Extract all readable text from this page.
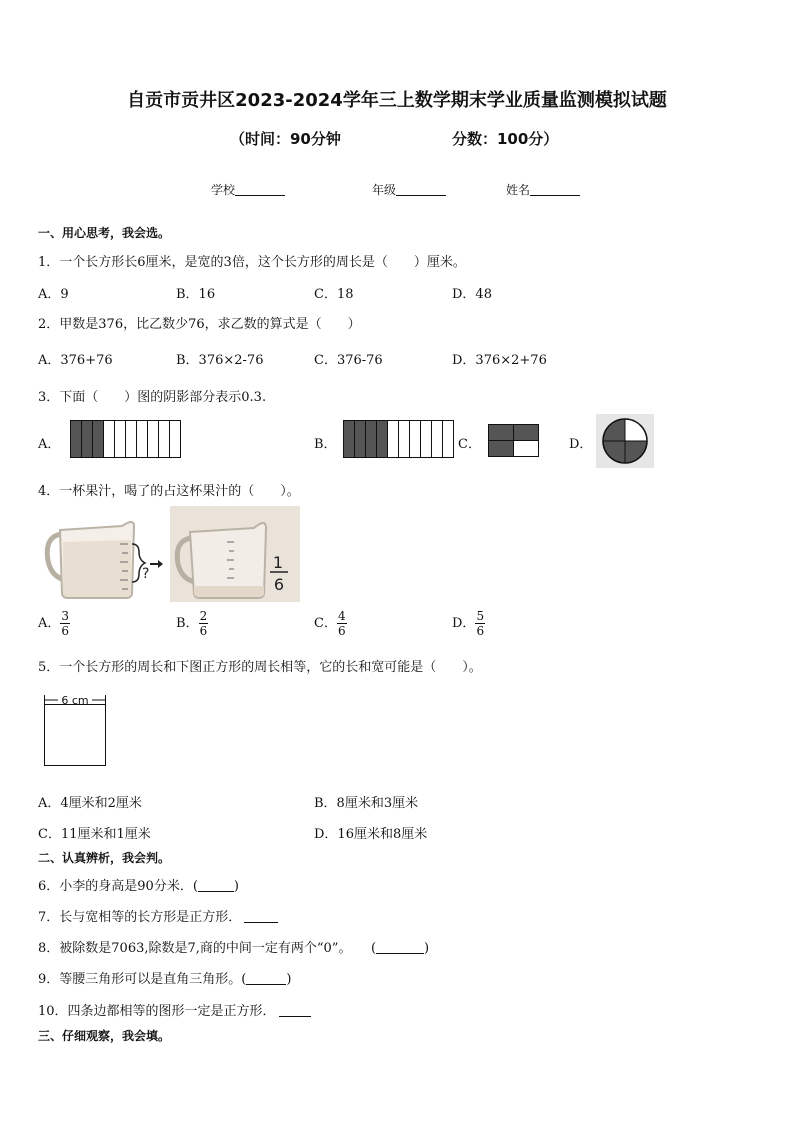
自贡市贡井区2023-2024学年三上数学期末学业质量监测模拟试题
（时间：90分钟	分数：100分）
学校	年级	姓名
一、用心思考，我会选。
1．一个长方形长6厘米，是宽的3倍，这个长方形的周长是（　　）厘米。
A．9	B．16	C．18	D．48
2．甲数是376，比乙数少76，求乙数的算式是（　　）
A．376+76	B．376×2-76	C．376-76	D．376×2+76
3．下面（　　）图的阴影部分表示0.3.
A．	B．	C．	D．
4．一杯果汁，喝了的占这杯果汁的（　　）。
?
1
6
A． $\frac{3}{6}$	B． $\frac{2}{6}$	C． $\frac{4}{6}$	D． $\frac{5}{6}$
5．一个长方形的周长和下图正方形的周长相等，它的长和宽可能是（　　）。
6 cm
A．4厘米和2厘米	B．8厘米和3厘米
C．11厘米和1厘米	D．16厘米和8厘米
二、认真辨析，我会判。
6．小李的身高是90分米．(	)
7．长与宽相等的长方形是正方形．
8．被除数是7063,除数是7,商的中间一定有两个“0”。　　(	)
9．等腰三角形可以是直角三角形。(	)
10．四条边都相等的图形一定是正方形．
三、仔细观察，我会填。
